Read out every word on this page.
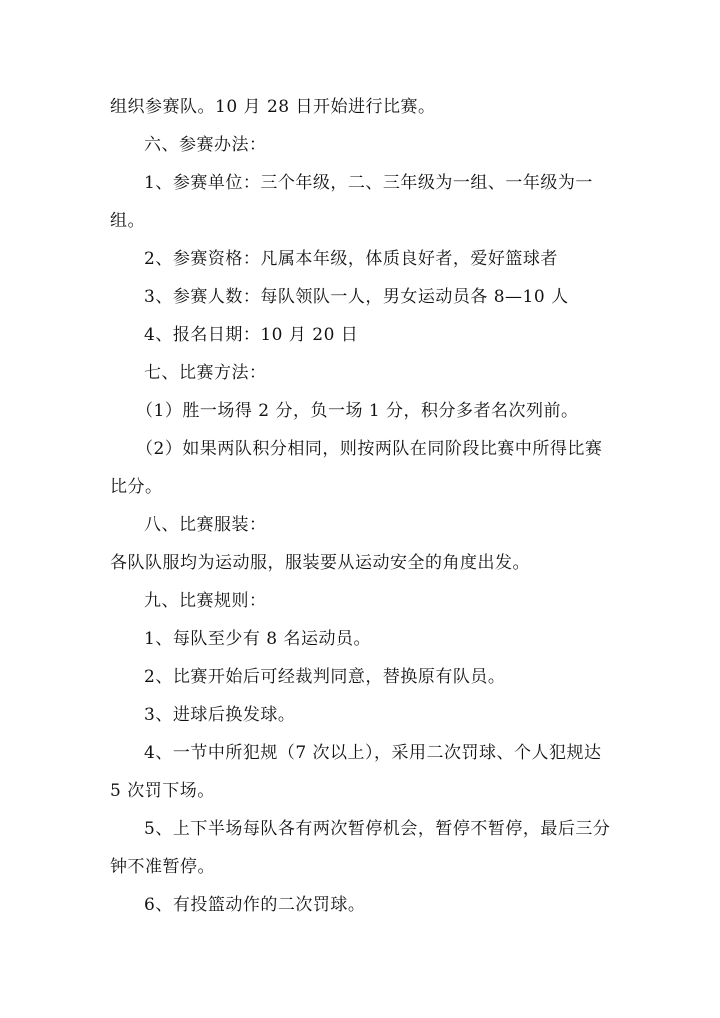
组织参赛队。10 月 28 日开始进行比赛。

六、参赛办法：

1、参赛单位：三个年级，二、三年级为一组、一年级为一组。

2、参赛资格：凡属本年级，体质良好者，爱好篮球者

3、参赛人数：每队领队一人，男女运动员各 8—10 人

4、报名日期：10 月 20 日

七、比赛方法：

（1）胜一场得 2 分，负一场 1 分，积分多者名次列前。

（2）如果两队积分相同，则按两队在同阶段比赛中所得比赛比分。

八、比赛服装：

各队队服均为运动服，服装要从运动安全的角度出发。

九、比赛规则：

1、每队至少有 8 名运动员。

2、比赛开始后可经裁判同意，替换原有队员。

3、进球后换发球。

4、一节中所犯规（7 次以上），采用二次罚球、个人犯规达 5 次罚下场。

5、上下半场每队各有两次暂停机会，暂停不暂停，最后三分钟不准暂停。

6、有投篮动作的二次罚球。
